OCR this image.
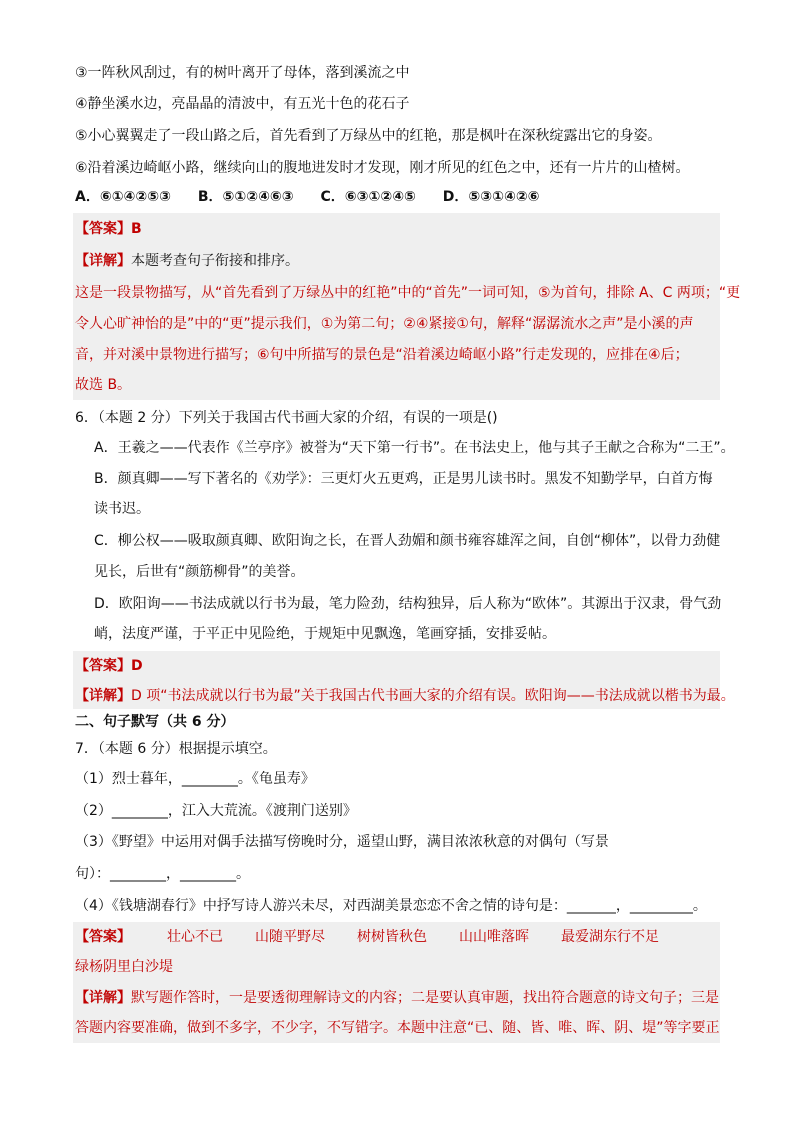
③一阵秋风刮过，有的树叶离开了母体，落到溪流之中
④静坐溪水边，亮晶晶的清波中，有五光十色的花石子
⑤小心翼翼走了一段山路之后，首先看到了万绿丛中的红艳，那是枫叶在深秋绽露出它的身姿。
⑥沿着溪边崎岖小路，继续向山的腹地进发时才发现，刚才所见的红色之中，还有一片片的山楂树。
A．⑥①④②⑤③ B．⑤①②④⑥③ C．⑥③①②④⑤ D．⑤③①④②⑥
【答案】B
【详解】本题考查句子衔接和排序。
这是一段景物描写，从“首先看到了万绿丛中的红艳”中的“首先”一词可知，⑤为首句，排除 A、C 两项；“更
令人心旷神怡的是”中的“更”提示我们，①为第二句；②④紧接①句，解释“潺潺流水之声”是小溪的声
音，并对溪中景物进行描写；⑥句中所描写的景色是“沿着溪边崎岖小路”行走发现的，应排在④后；
故选 B。
6．（本题 2 分）下列关于我国古代书画大家的介绍，有误的一项是()
A．王羲之——代表作《兰亭序》被誉为“天下第一行书”。在书法史上，他与其子王献之合称为“二王”。
B．颜真卿——写下著名的《劝学》：三更灯火五更鸡，正是男儿读书时。黑发不知勤学早，白首方悔
读书迟。
C．柳公权——吸取颜真卿、欧阳询之长，在晋人劲媚和颜书雍容雄浑之间，自创“柳体”，以骨力劲健
见长，后世有“颜筋柳骨”的美誉。
D．欧阳询——书法成就以行书为最，笔力险劲，结构独异，后人称为“欧体”。其源出于汉隶，骨气劲
峭，法度严谨，于平正中见险绝，于规矩中见飘逸，笔画穿插，安排妥帖。
【答案】D
【详解】D 项“书法成就以行书为最”关于我国古代书画大家的介绍有误。欧阳询——书法成就以楷书为最。
二、句子默写（共 6 分）
7．（本题 6 分）根据提示填空。
（1）烈士暮年，________。《龟虽寿》
（2）________，江入大荒流。《渡荆门送别》
（3）《野望》中运用对偶手法描写傍晚时分，遥望山野，满目浓浓秋意的对偶句（写景
句）：________，________。
（4）《钱塘湖春行》中抒写诗人游兴未尽，对西湖美景恋恋不舍之情的诗句是：_______，_________。
【答案】	壮心不已 山随平野尽 树树皆秋色 山山唯落晖 最爱湖东行不足
绿杨阴里白沙堤
【详解】默写题作答时，一是要透彻理解诗文的内容；二是要认真审题，找出符合题意的诗文句子；三是
答题内容要准确，做到不多字，不少字，不写错字。本题中注意“已、随、皆、唯、晖、阴、堤”等字要正
